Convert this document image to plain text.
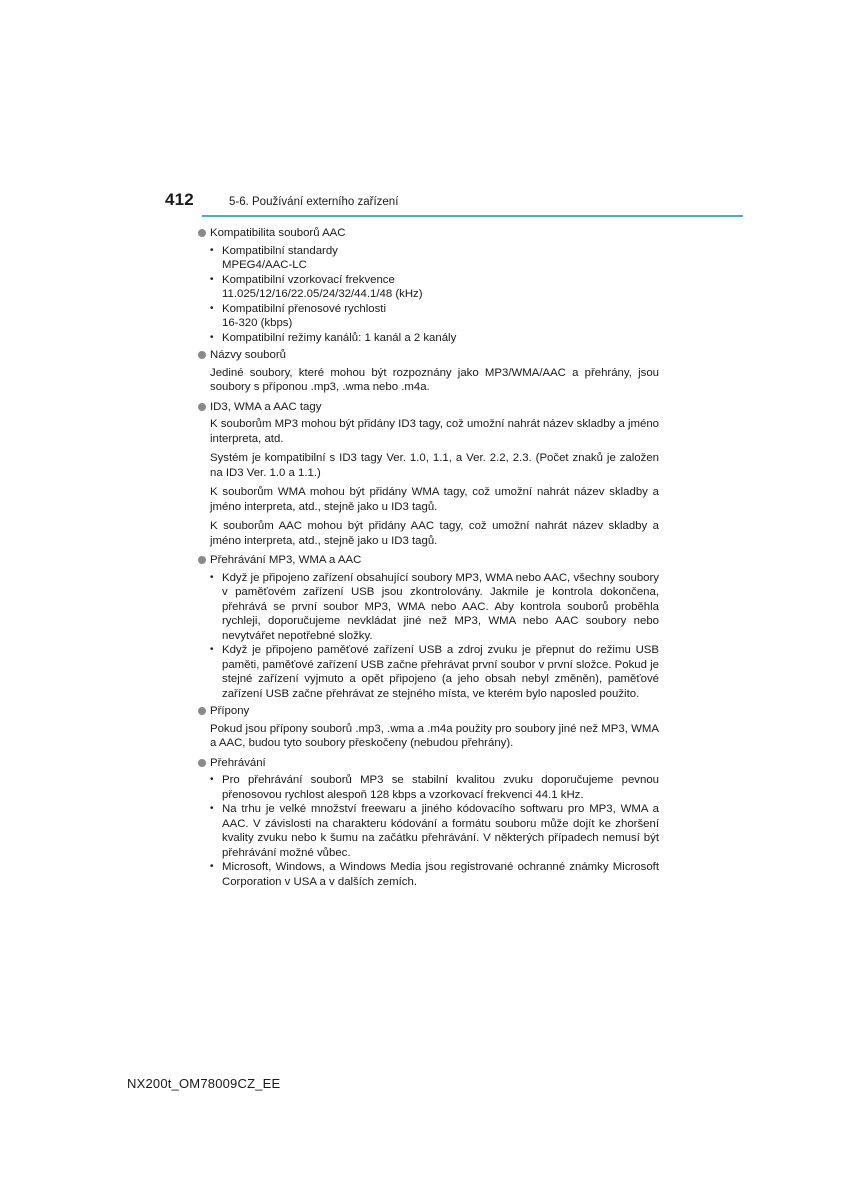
412	5-6. Používání externího zařízení
Kompatibilita souborů AAC
• Kompatibilní standardy
MPEG4/AAC-LC
• Kompatibilní vzorkovací frekvence
11.025/12/16/22.05/24/32/44.1/48 (kHz)
• Kompatibilní přenosové rychlosti
16-320 (kbps)
• Kompatibilní režimy kanálů: 1 kanál a 2 kanály
Názvy souborů

Jediné soubory, které mohou být rozpoznány jako MP3/WMA/AAC a přehrány, jsou soubory s příponou .mp3, .wma nebo .m4a.

ID3, WMA a AAC tagy

K souborům MP3 mohou být přidány ID3 tagy, což umožní nahrát název skladby a jméno interpreta, atd.

Systém je kompatibilní s ID3 tagy Ver. 1.0, 1.1, a Ver. 2.2, 2.3. (Počet znaků je založen na ID3 Ver. 1.0 a 1.1.)

K souborům WMA mohou být přidány WMA tagy, což umožní nahrát název skladby a jméno interpreta, atd., stejně jako u ID3 tagů.

K souborům AAC mohou být přidány AAC tagy, což umožní nahrát název skladby a jméno interpreta, atd., stejně jako u ID3 tagů.

Přehrávání MP3, WMA a AAC
• Když je připojeno zařízení obsahující soubory MP3, WMA nebo AAC, všechny soubory v paměťovém zařízení USB jsou zkontrolovány. Jakmile je kontrola dokončena, přehrává se první soubor MP3, WMA nebo AAC. Aby kontrola souborů proběhla rychleji, doporučujeme nevkládat jiné než MP3, WMA nebo AAC soubory nebo nevytvářet nepotřebné složky.
• Když je připojeno paměťové zařízení USB a zdroj zvuku je přepnut do režimu USB paměti, paměťové zařízení USB začne přehrávat první soubor v první složce. Pokud je stejné zařízení vyjmuto a opět připojeno (a jeho obsah nebyl změněn), paměťové zařízení USB začne přehrávat ze stejného místa, ve kterém bylo naposled použito.
Přípony

Pokud jsou přípony souborů .mp3, .wma a .m4a použity pro soubory jiné než MP3, WMA a AAC, budou tyto soubory přeskočeny (nebudou přehrány).

Přehrávání
• Pro přehrávání souborů MP3 se stabilní kvalitou zvuku doporučujeme pevnou přenosovou rychlost alespoň 128 kbps a vzorkovací frekvenci 44.1 kHz.
• Na trhu je velké množství freewaru a jiného kódovacího softwaru pro MP3, WMA a AAC. V závislosti na charakteru kódování a formátu souboru může dojít ke zhoršení kvality zvuku nebo k šumu na začátku přehrávání. V některých případech nemusí být přehrávání možné vůbec.
• Microsoft, Windows, a Windows Media jsou registrované ochranné známky Microsoft Corporation v USA a v dalších zemích.
NX200t_OM78009CZ_EE
